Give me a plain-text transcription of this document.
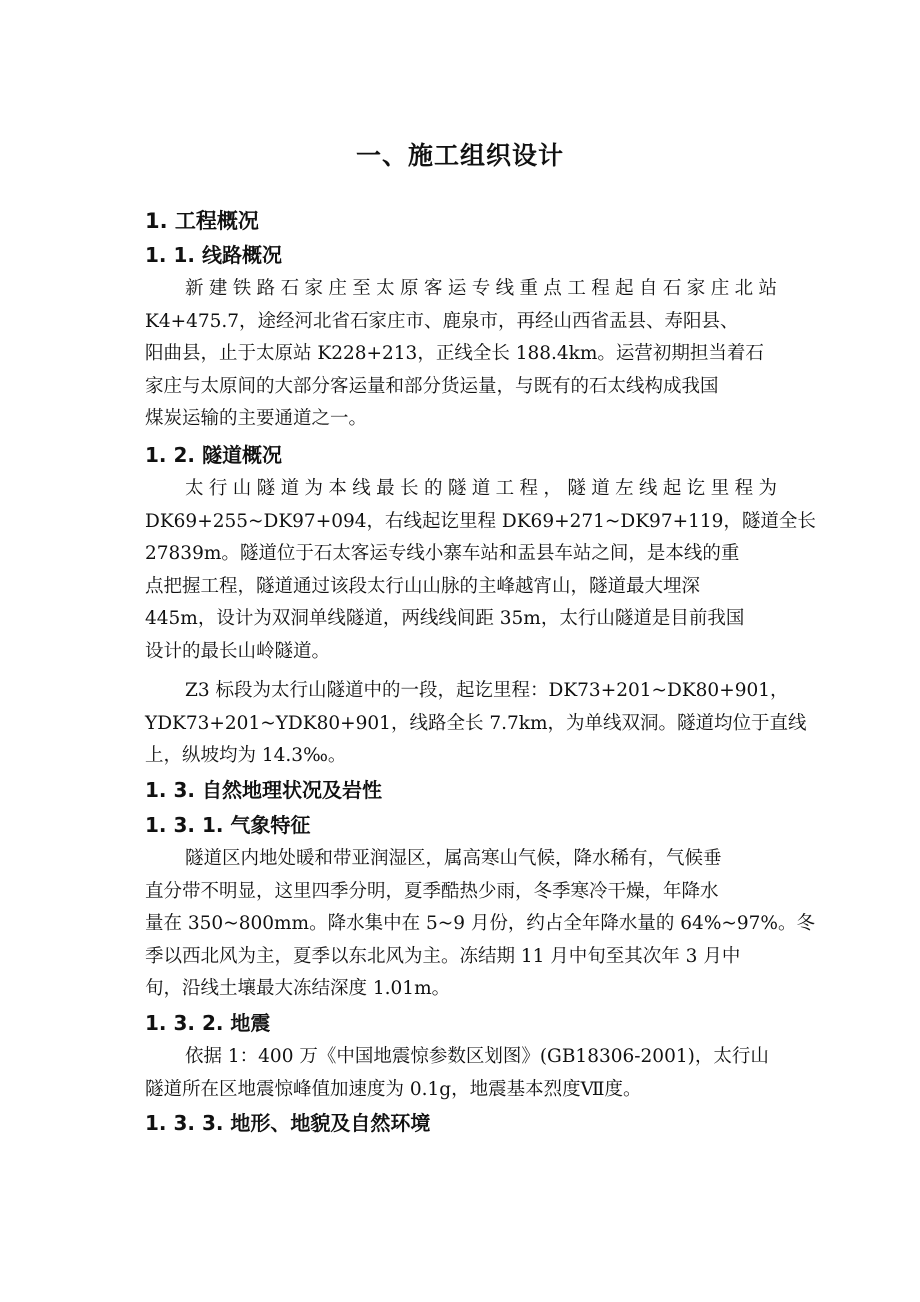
一、施工组织设计
1. 工程概况
1. 1. 线路概况
新建铁路石家庄至太原客运专线重点工程起自石家庄北站
K4+475.7，途经河北省石家庄市、鹿泉市，再经山西省盂县、寿阳县、
阳曲县，止于太原站 K228+213，正线全长 188.4km。运营初期担当着石
家庄与太原间的大部分客运量和部分货运量，与既有的石太线构成我国
煤炭运输的主要通道之一。
1. 2. 隧道概况
太行山隧道为本线最长的隧道工程，隧道左线起讫里程为
DK69+255~DK97+094，右线起讫里程 DK69+271~DK97+119，隧道全长
27839m。隧道位于石太客运专线小寨车站和盂县车站之间，是本线的重
点把握工程，隧道通过该段太行山山脉的主峰越宵山，隧道最大埋深
445m，设计为双洞单线隧道，两线线间距 35m，太行山隧道是目前我国
设计的最长山岭隧道。
Z3 标段为太行山隧道中的一段，起讫里程：DK73+201~DK80+901，
YDK73+201~YDK80+901，线路全长 7.7km，为单线双洞。隧道均位于直线
上，纵坡均为 14.3‰。
1. 3. 自然地理状况及岩性
1. 3. 1. 气象特征
隧道区内地处暖和带亚润湿区，属高寒山气候，降水稀有，气候垂
直分带不明显，这里四季分明，夏季酷热少雨，冬季寒冷干燥，年降水
量在 350~800mm。降水集中在 5~9 月份，约占全年降水量的 64%~97%。冬
季以西北风为主，夏季以东北风为主。冻结期 11 月中旬至其次年 3 月中
旬，沿线土壤最大冻结深度 1.01m。
1. 3. 2. 地震
依据 1：400 万《中国地震惊参数区划图》(GB18306-2001)，太行山
隧道所在区地震惊峰值加速度为 0.1g，地震基本烈度Ⅶ度。
1. 3. 3. 地形、地貌及自然环境
